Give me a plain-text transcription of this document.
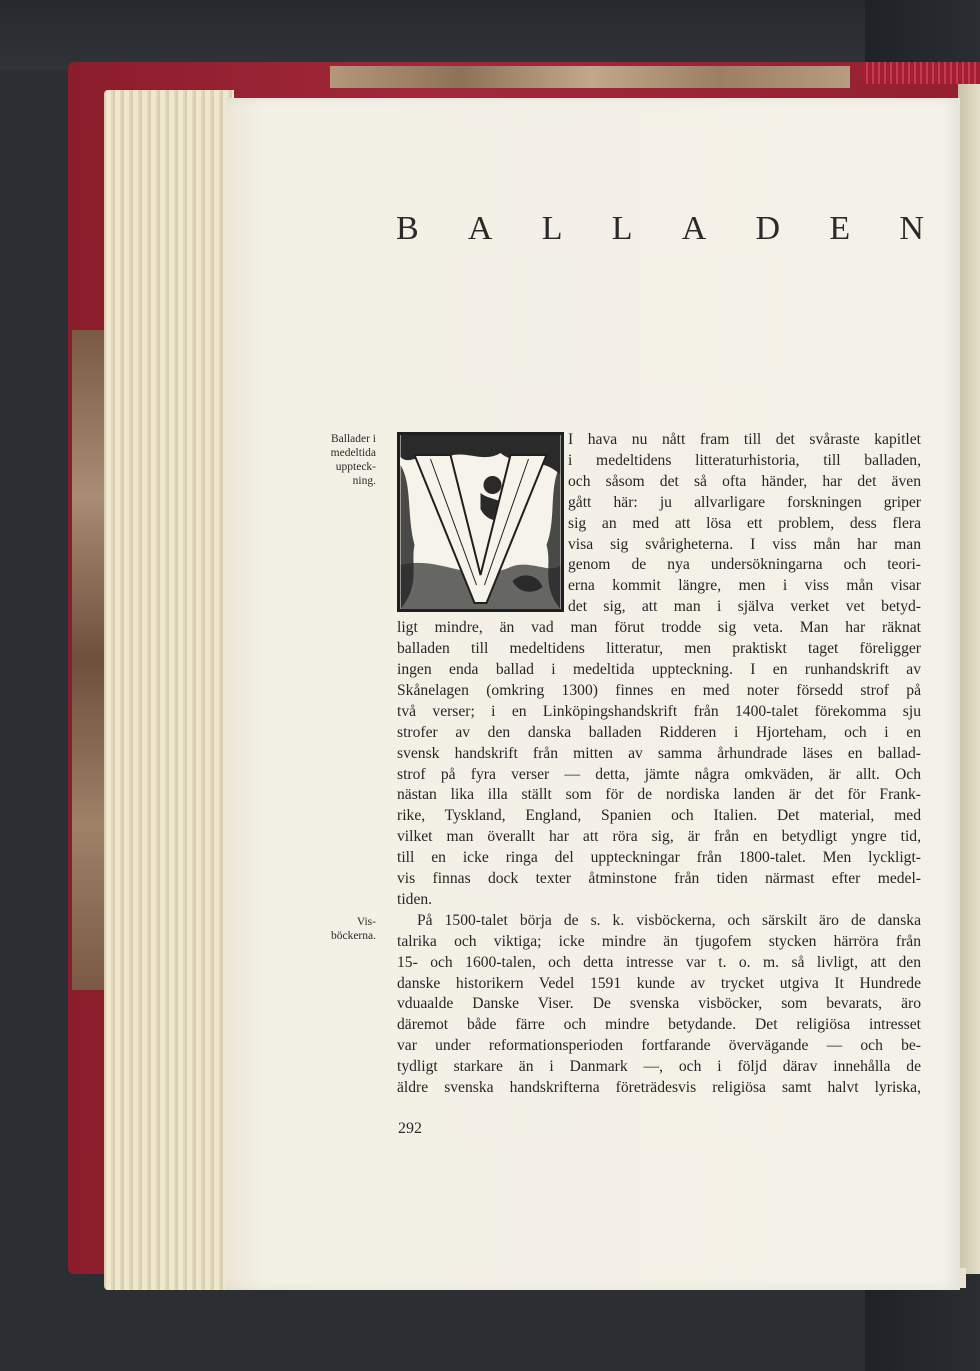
B A L L A D E N
Ballader i medeltida uppteck-ning.
Vis-böckerna.
I hava nu nått fram till det svåraste kapitlet
i medeltidens litteraturhistoria, till balladen,
och såsom det så ofta händer, har det även
gått här: ju allvarligare forskningen griper
sig an med att lösa ett problem, dess flera
visa sig svårigheterna. I viss mån har man
genom de nya undersökningarna och teori-
erna kommit längre, men i viss mån visar
det sig, att man i själva verket vet betyd-
ligt mindre, än vad man förut trodde sig veta. Man har räknat
balladen till medeltidens litteratur, men praktiskt taget föreligger
ingen enda ballad i medeltida uppteckning. I en runhandskrift av
Skånelagen (omkring 1300) finnes en med noter försedd strof på
två verser; i en Linköpingshandskrift från 1400-talet förekomma sju
strofer av den danska balladen Ridderen i Hjorteham, och i en
svensk handskrift från mitten av samma århundrade läses en ballad-
strof på fyra verser — detta, jämte några omkväden, är allt. Och
nästan lika illa ställt som för de nordiska landen är det för Frank-
rike, Tyskland, England, Spanien och Italien. Det material, med
vilket man överallt har att röra sig, är från en betydligt yngre tid,
till en icke ringa del uppteckningar från 1800-talet. Men lyckligt-
vis finnas dock texter åtminstone från tiden närmast efter medel-
tiden.
På 1500-talet börja de s. k. visböckerna, och särskilt äro de danska
talrika och viktiga; icke mindre än tjugofem stycken härröra från
15- och 1600-talen, och detta intresse var t. o. m. så livligt, att den
danske historikern Vedel 1591 kunde av trycket utgiva It Hundrede
vduaalde Danske Viser. De svenska visböcker, som bevarats, äro
däremot både färre och mindre betydande. Det religiösa intresset
var under reformationsperioden fortfarande övervägande — och be-
tydligt starkare än i Danmark —, och i följd därav innehålla de
äldre svenska handskrifterna företrädesvis religiösa samt halvt lyriska,
292
